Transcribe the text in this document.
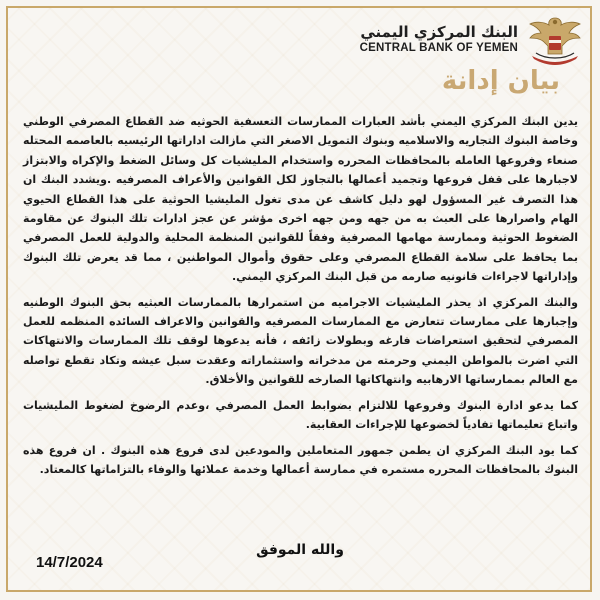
البنك المركزي اليمني
CENTRAL BANK OF YEMEN
بيان إدانة

يدين البنك المركزي اليمني بأشد العبارات الممارسات التعسفية الحوثيه ضد القطاع المصرفي الوطني وخاصة البنوك التجاريه والاسلاميه وبنوك التمويل الاصغر التي مازالت اداراتها الرئيسيه بالعاصمه المحتله صنعاء وفروعها العامله بالمحافظات المحرره واستخدام المليشيات كل وسائل الضغط والإكراه والابتزاز لاجبارها على قفل فروعها وتجميد أعمالها بالتجاوز لكل القوانين والأعراف المصرفيه .ويشدد البنك ان هذا التصرف غير المسؤول لهو دليل كاشف عن مدى تغول المليشيا الحوثية على هذا القطاع الحيوي الهام واصرارها على العبث به من جهه ومن جهه اخرى مؤشر عن عجز ادارات تلك البنوك عن مقاومة الضغوط الحوثية وممارسة مهامها المصرفية وفقاً للقوانين المنظمة المحلية والدولية للعمل المصرفي بما يحافظ على سلامة القطاع المصرفي وعلى حقوق وأموال المواطنين ، مما قد يعرض تلك البنوك وإداراتها لاجراءات قانونيه صارمه من قبل البنك المركزي اليمني.

والبنك المركزي اذ يحذر المليشيات الاجراميه من استمرارها بالممارسات العبثيه بحق البنوك الوطنيه وإجبارها على ممارسات تتعارض مع الممارسات المصرفيه والقوانين والاعراف السائده المنظمه للعمل المصرفي لتحقيق استعراضات فارغه وبطولات زائفه ، فأنه يدعوها لوقف تلك الممارسات والانتهاكات التي اضرت بالمواطن اليمني وحرمته من مدخراته واستثماراته وعقدت سبل عيشه وتكاد تقطع تواصله مع العالم بممارساتها الارهابيه وانتهاكاتها الصارخه للقوانين والأخلاق.

كما يدعو ادارة البنوك وفروعها للالتزام بضوابط العمل المصرفي ،وعدم الرضوخ لضغوط المليشيات واتباع تعليماتها تفادياً لخضوعها للإجراءات العقابية.

كما يود البنك المركزي ان يطمن جمهور المتعاملين والمودعين لدى فروع هذه البنوك . ان فروع هذه البنوك بالمحافظات المحرره مستمره في ممارسة أعمالها وخدمة عملائها والوفاء بالتزاماتها كالمعتاد.

والله الموفق
14/7/2024
